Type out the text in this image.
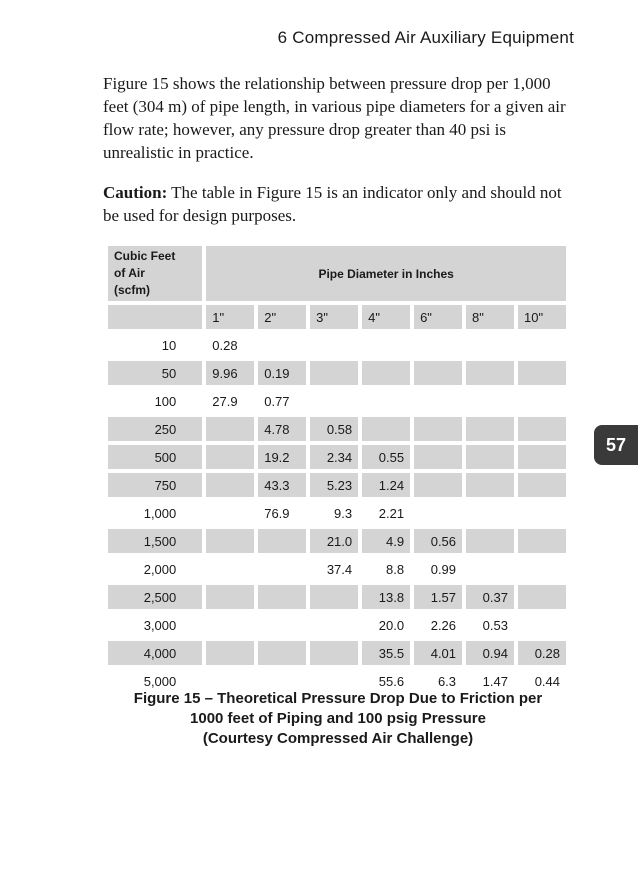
6 Compressed Air Auxiliary Equipment
Figure 15 shows the relationship between pressure drop per 1,000 feet (304 m) of pipe length, in various pipe diameters for a given air flow rate; however, any pressure drop greater than 40 psi is unrealistic in practice.
Caution: The table in Figure 15 is an indicator only and should not be used for design purposes.
57
Cubic Feet
of Air
(scfm)	Pipe Diameter in Inches						
	1"	2"	3"	4"	6"	8"	10"
10	0.28						
50	9.96	0.19					
100	27.9	0.77					
250		4.78	0.58				
500		19.2	2.34	0.55			
750		43.3	5.23	1.24			
1,000		76.9	9.3	2.21			
1,500			21.0	4.9	0.56		
2,000			37.4	8.8	0.99		
2,500				13.8	1.57	0.37	
3,000				20.0	2.26	0.53	
4,000				35.5	4.01	0.94	0.28
5,000				55.6	6.3	1.47	0.44
Figure 15 – Theoretical Pressure Drop Due to Friction per
1000 feet of Piping and 100 psig Pressure
(Courtesy Compressed Air Challenge)
